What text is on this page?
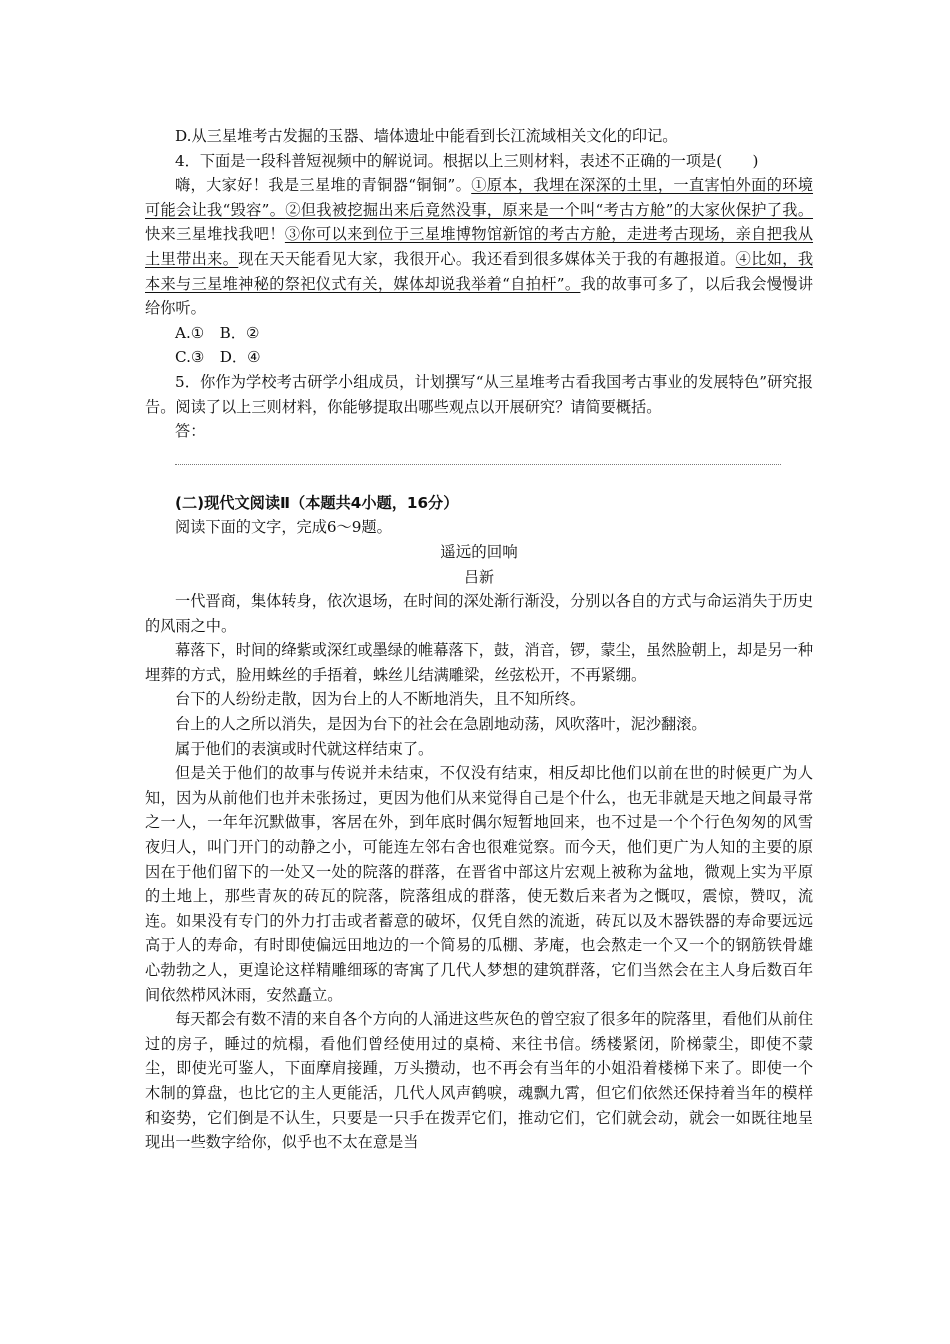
D.从三星堆考古发掘的玉器、墙体遗址中能看到长江流域相关文化的印记。

4．下面是一段科普短视频中的解说词。根据以上三则材料，表述不正确的一项是(　　)

嗨，大家好！我是三星堆的青铜器“铜铜”。①原本，我埋在深深的土里，一直害怕外面的环境可能会让我“毁容”。②但我被挖掘出来后竟然没事，原来是一个叫“考古方舱”的大家伙保护了我。快来三星堆找我吧！③你可以来到位于三星堆博物馆新馆的考古方舱，走进考古现场，亲自把我从土里带出来。现在天天能看见大家，我很开心。我还看到很多媒体关于我的有趣报道。④比如，我本来与三星堆神秘的祭祀仪式有关，媒体却说我举着“自拍杆”。我的故事可多了，以后我会慢慢讲给你听。

A.①　B．②

C.③　D．④

5．你作为学校考古研学小组成员，计划撰写“从三星堆考古看我国考古事业的发展特色”研究报告。阅读了以上三则材料，你能够提取出哪些观点以开展研究？请简要概括。

答：

(二)现代文阅读Ⅱ（本题共4小题，16分）

阅读下面的文字，完成6～9题。

遥远的回响

吕新

一代晋商，集体转身，依次退场，在时间的深处渐行渐没，分别以各自的方式与命运消失于历史的风雨之中。

幕落下，时间的绛紫或深红或墨绿的帷幕落下，鼓，消音，锣，蒙尘，虽然脸朝上，却是另一种埋葬的方式，脸用蛛丝的手捂着，蛛丝儿结满雕梁，丝弦松开，不再紧绷。

台下的人纷纷走散，因为台上的人不断地消失，且不知所终。

台上的人之所以消失，是因为台下的社会在急剧地动荡，风吹落叶，泥沙翻滚。

属于他们的表演或时代就这样结束了。

但是关于他们的故事与传说并未结束，不仅没有结束，相反却比他们以前在世的时候更广为人知，因为从前他们也并未张扬过，更因为他们从来觉得自己是个什么，也无非就是天地之间最寻常之一人，一年年沉默做事，客居在外，到年底时偶尔短暂地回来，也不过是一个个行色匆匆的风雪夜归人，叫门开门的动静之小，可能连左邻右舍也很难觉察。而今天，他们更广为人知的主要的原因在于他们留下的一处又一处的院落的群落，在晋省中部这片宏观上被称为盆地，微观上实为平原的土地上，那些青灰的砖瓦的院落，院落组成的群落，使无数后来者为之慨叹，震惊，赞叹，流连。如果没有专门的外力打击或者蓄意的破坏，仅凭自然的流逝，砖瓦以及木器铁器的寿命要远远高于人的寿命，有时即使偏远田地边的一个简易的瓜棚、茅庵，也会熬走一个又一个的钢筋铁骨雄心勃勃之人，更遑论这样精雕细琢的寄寓了几代人梦想的建筑群落，它们当然会在主人身后数百年间依然栉风沐雨，安然矗立。

每天都会有数不清的来自各个方向的人涌进这些灰色的曾空寂了很多年的院落里，看他们从前住过的房子，睡过的炕榻，看他们曾经使用过的桌椅、来往书信。绣楼紧闭，阶梯蒙尘，即使不蒙尘，即使光可鉴人，下面摩肩接踵，万头攒动，也不再会有当年的小姐沿着楼梯下来了。即使一个木制的算盘，也比它的主人更能活，几代人风声鹤唳，魂飘九霄，但它们依然还保持着当年的模样和姿势，它们倒是不认生，只要是一只手在拨弄它们，推动它们，它们就会动，就会一如既往地呈现出一些数字给你，似乎也不太在意是当
